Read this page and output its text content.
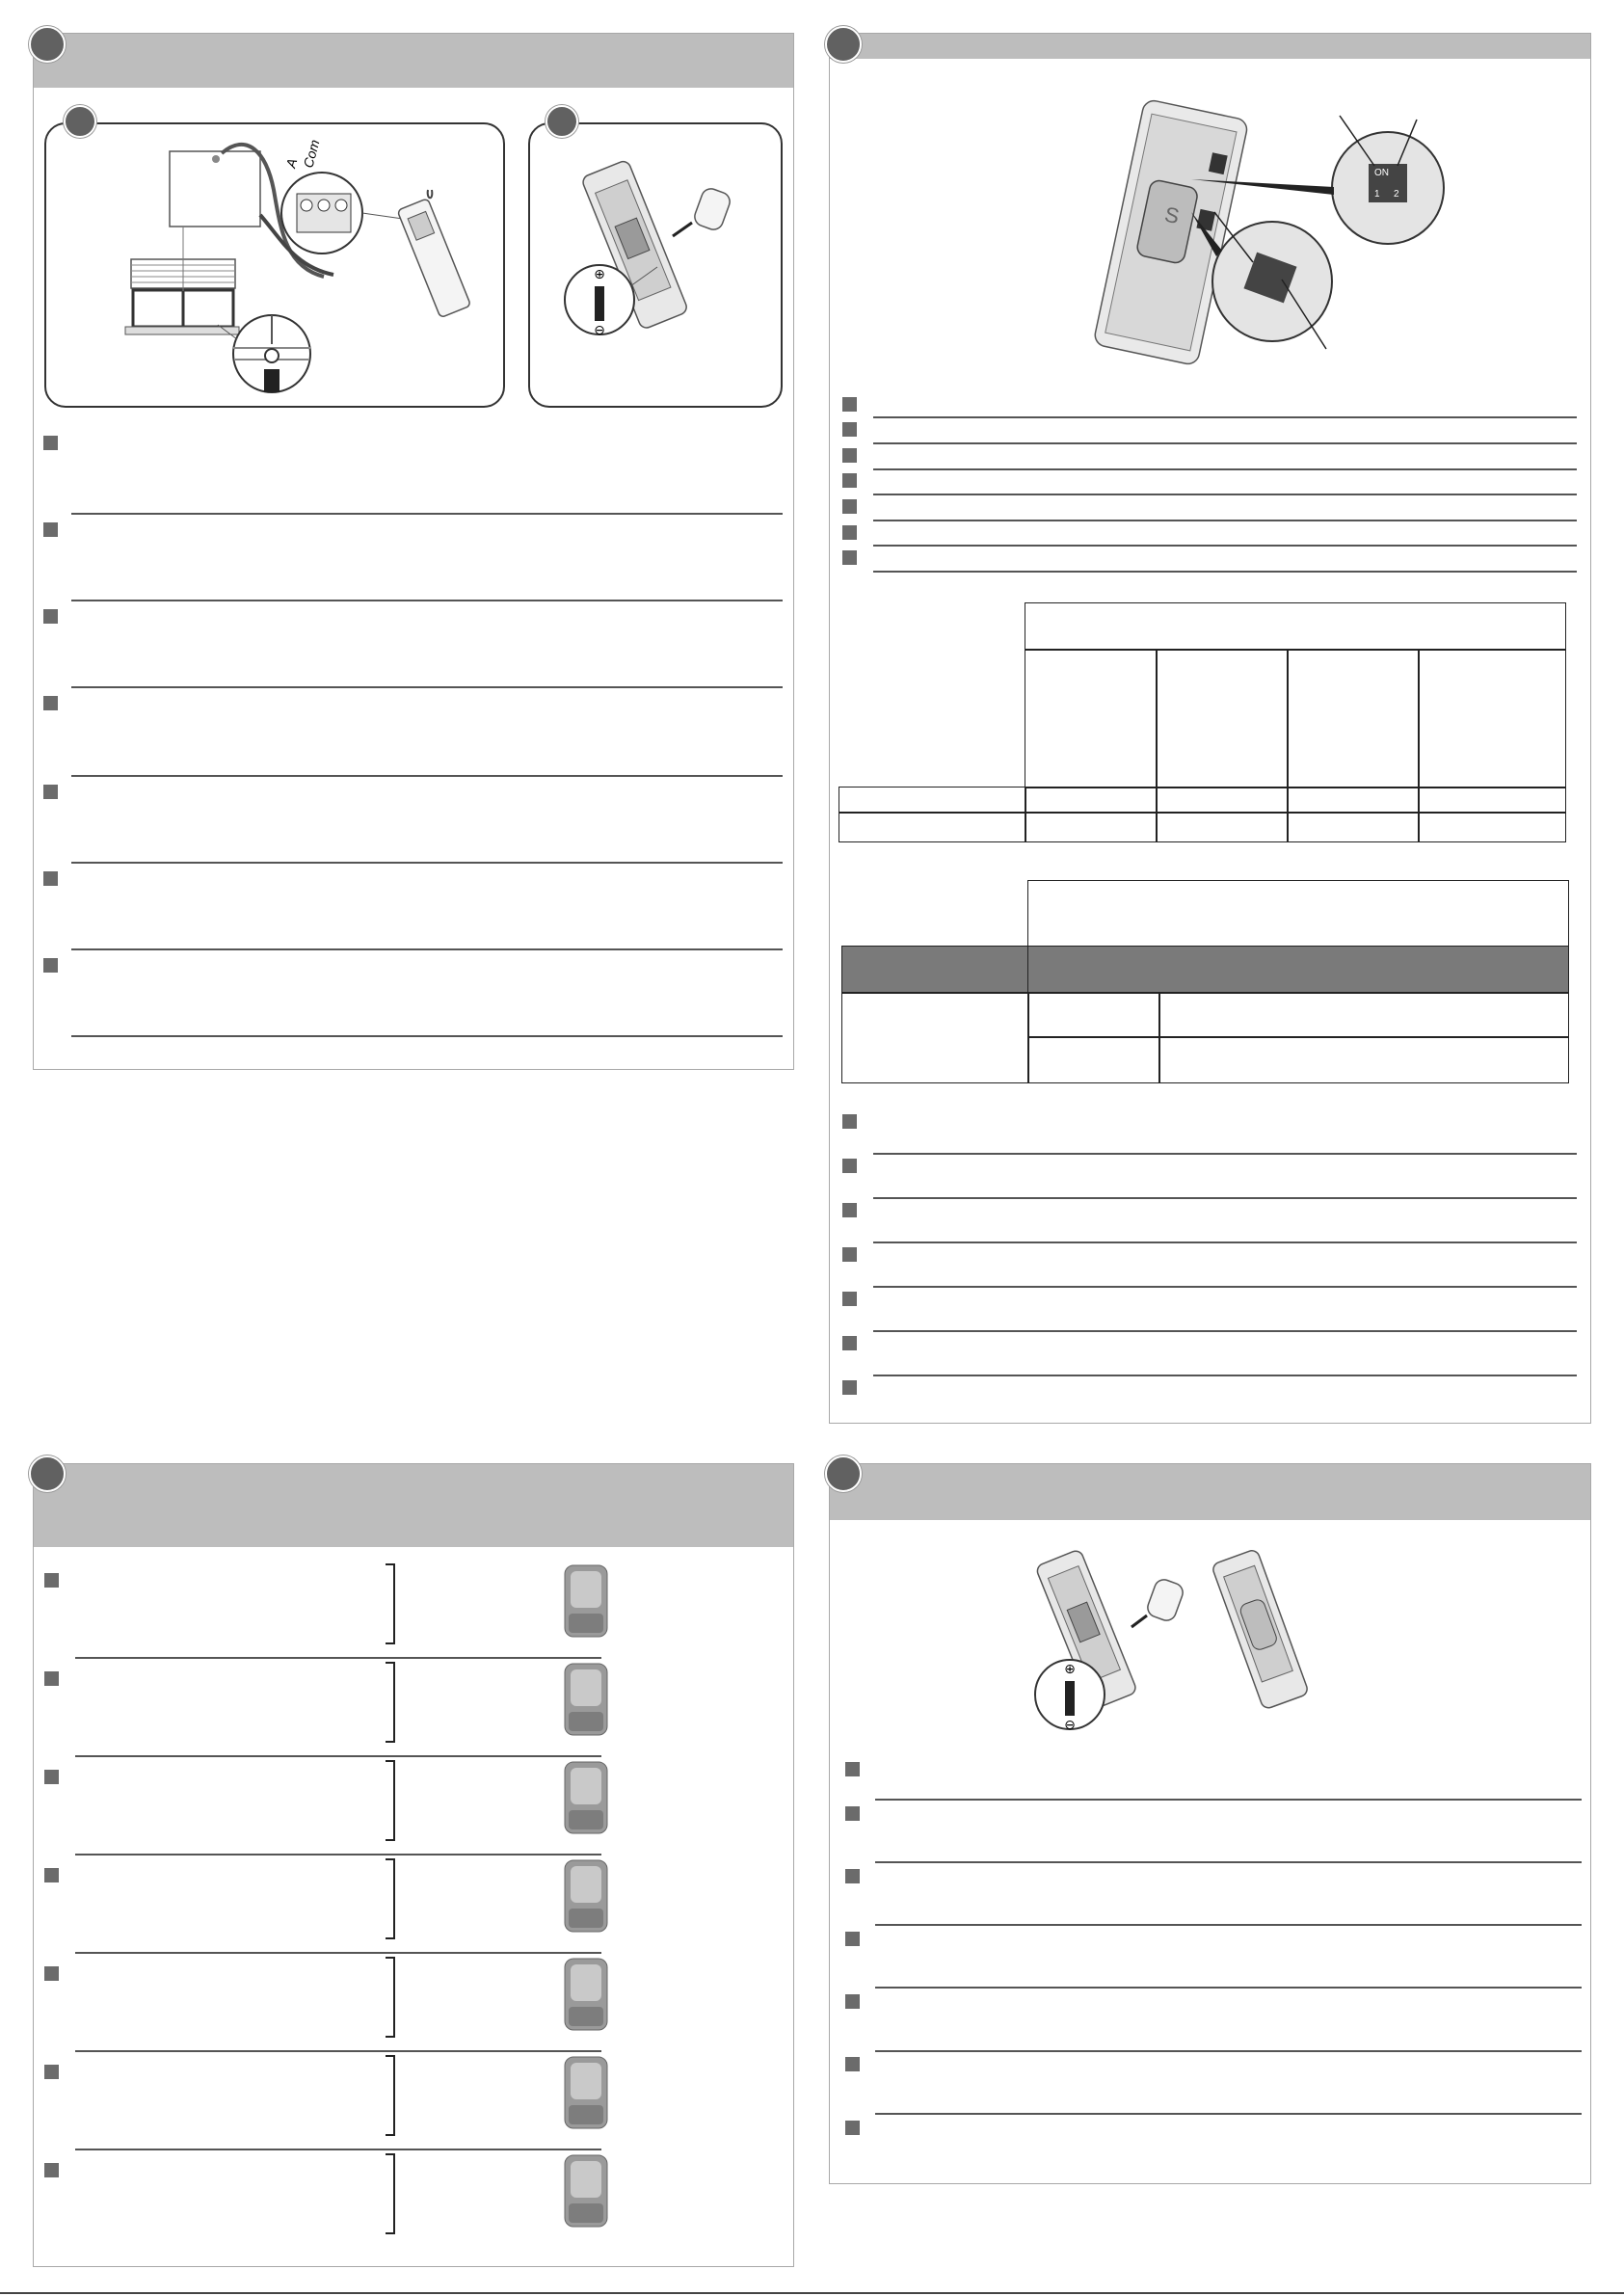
A Com
⊕
⊖
S
ON
1 2
⊕
⊖
